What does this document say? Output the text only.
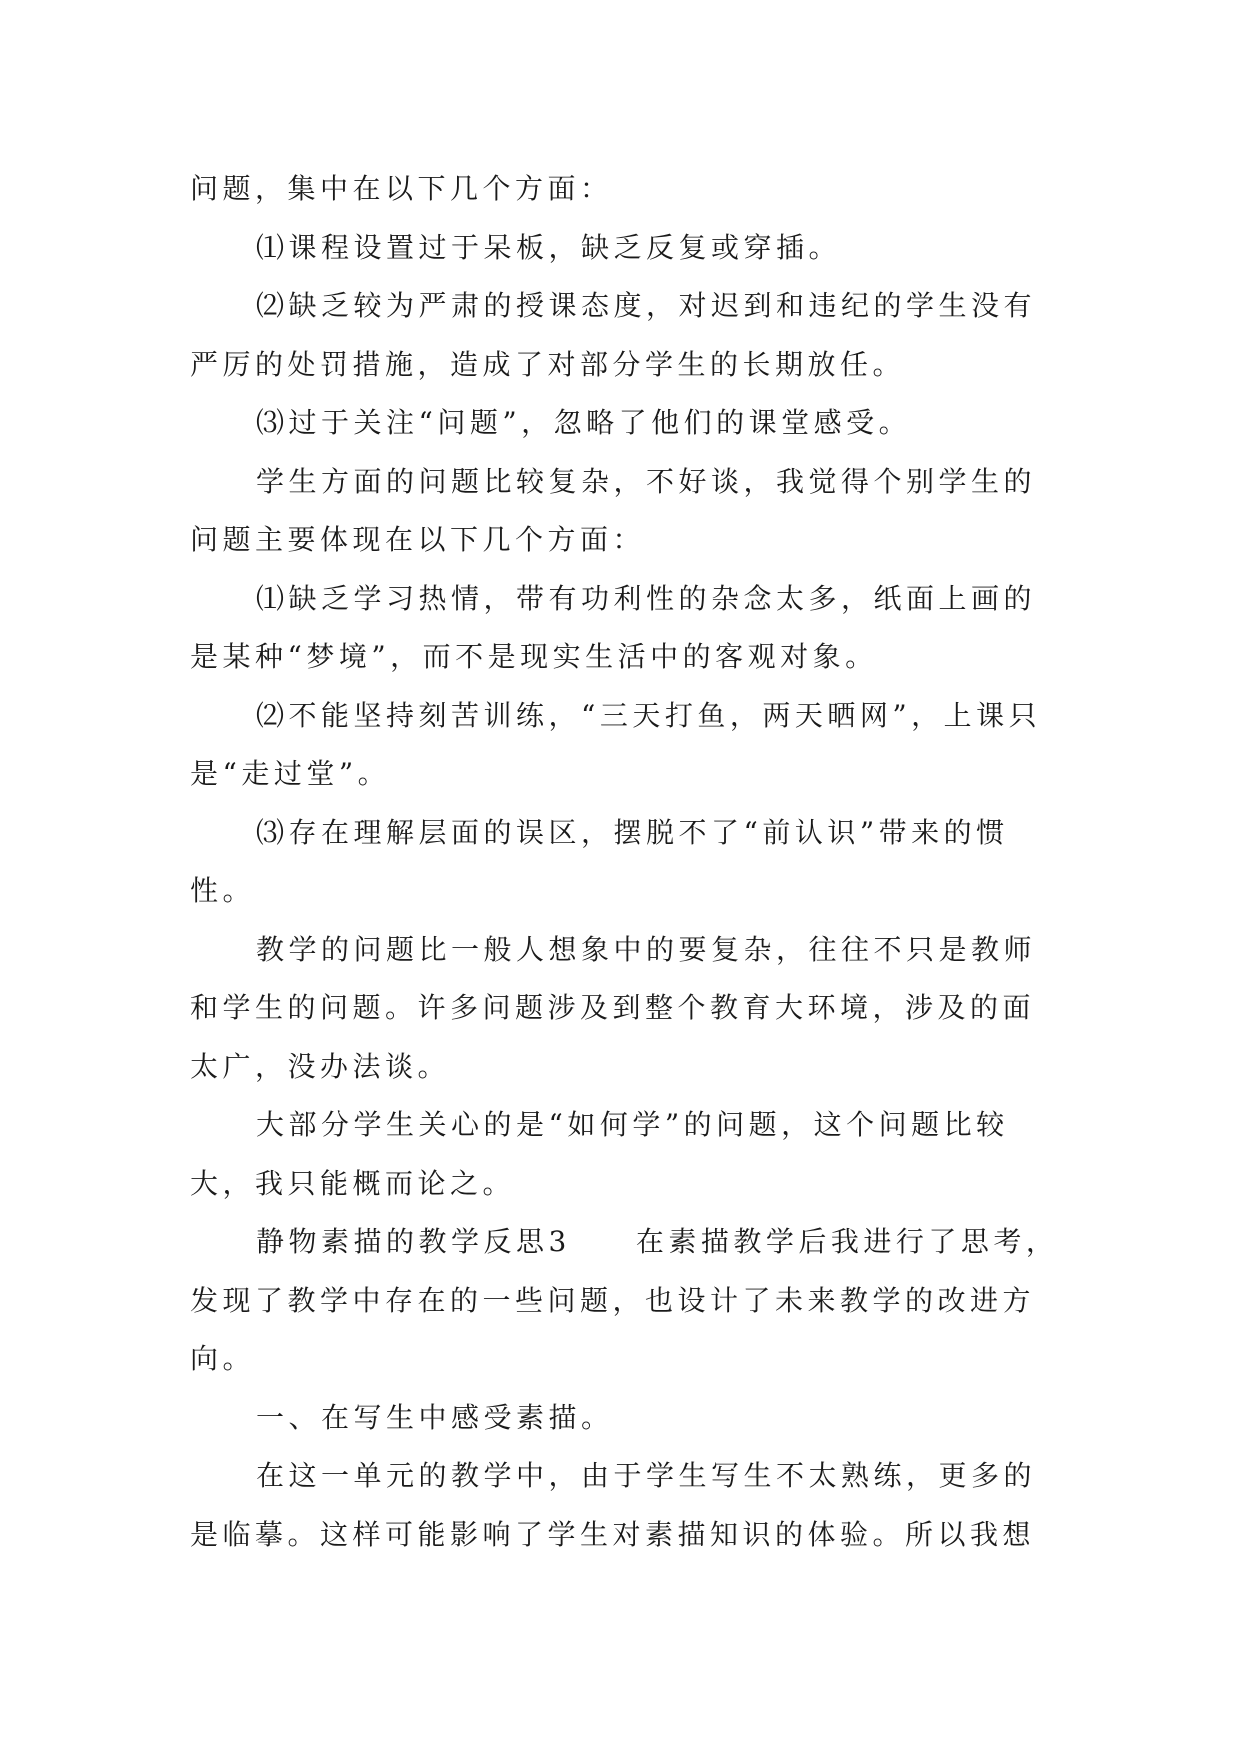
问题，集中在以下几个方面：
⑴课程设置过于呆板，缺乏反复或穿插。
⑵缺乏较为严肃的授课态度，对迟到和违纪的学生没有
严厉的处罚措施，造成了对部分学生的长期放任。
⑶过于关注“问题”，忽略了他们的课堂感受。
学生方面的问题比较复杂，不好谈，我觉得个别学生的
问题主要体现在以下几个方面：
⑴缺乏学习热情，带有功利性的杂念太多，纸面上画的
是某种“梦境”，而不是现实生活中的客观对象。
⑵不能坚持刻苦训练，“三天打鱼，两天晒网”，上课只
是“走过堂”。
⑶存在理解层面的误区，摆脱不了“前认识”带来的惯
性。
教学的问题比一般人想象中的要复杂，往往不只是教师
和学生的问题。许多问题涉及到整个教育大环境，涉及的面
太广，没办法谈。
大部分学生关心的是“如何学”的问题，这个问题比较
大，我只能概而论之。
静物素描的教学反思3　　在素描教学后我进行了思考，
发现了教学中存在的一些问题，也设计了未来教学的改进方
向。
一、在写生中感受素描。
在这一单元的教学中，由于学生写生不太熟练，更多的
是临摹。这样可能影响了学生对素描知识的体验。所以我想
